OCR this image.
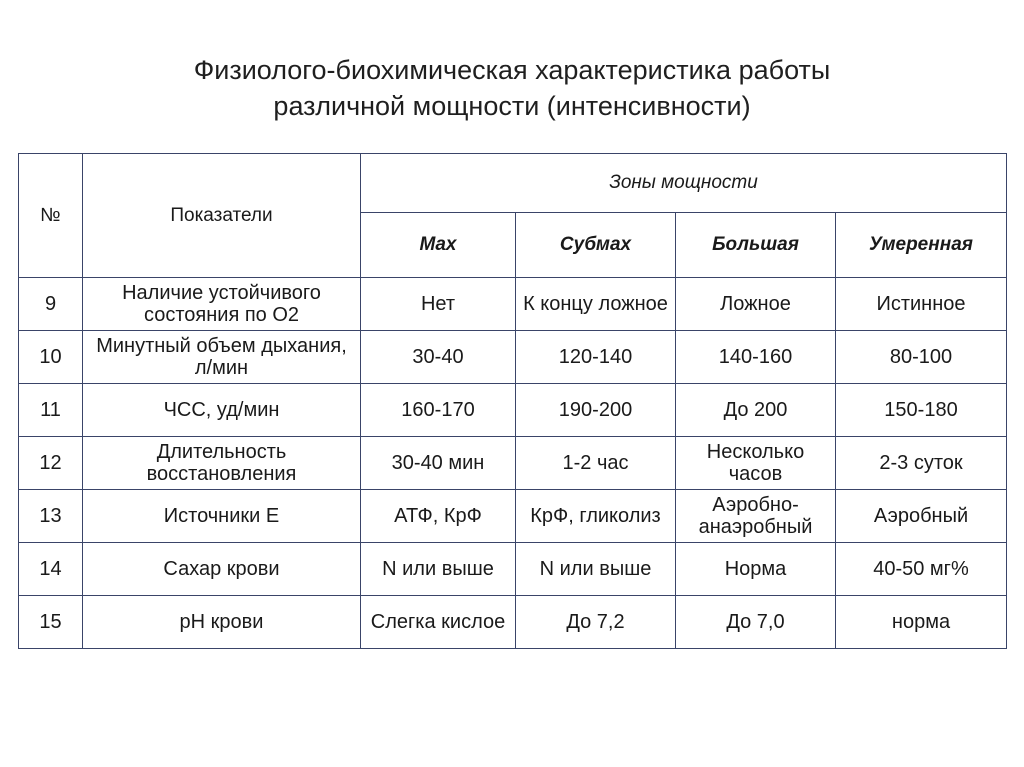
Физиолого-биохимическая характеристика работы
различной мощности (интенсивности)
№	Показатели	Зоны мощности			
		Max	Субмах	Большая	Умеренная
9	Наличие устойчивого состояния по О2	Нет	К концу ложное	Ложное	Истинное

10	Минутный объем дыхания, л/мин	30-40	120-140	140-160	80-100

11	ЧСС, уд/мин	160-170	190-200	До 200	150-180

12	Длительность восстановления	30-40 мин	1-2 час	Несколько часов	2-3 суток

13	Источники Е	АТФ, КрФ	КрФ, гликолиз	Аэробно-анаэробный	Аэробный

14	Сахар крови	N или выше	N или выше	Норма	40-50 мг%

15	pH крови	Слегка кислое	До 7,2	До 7,0	норма
